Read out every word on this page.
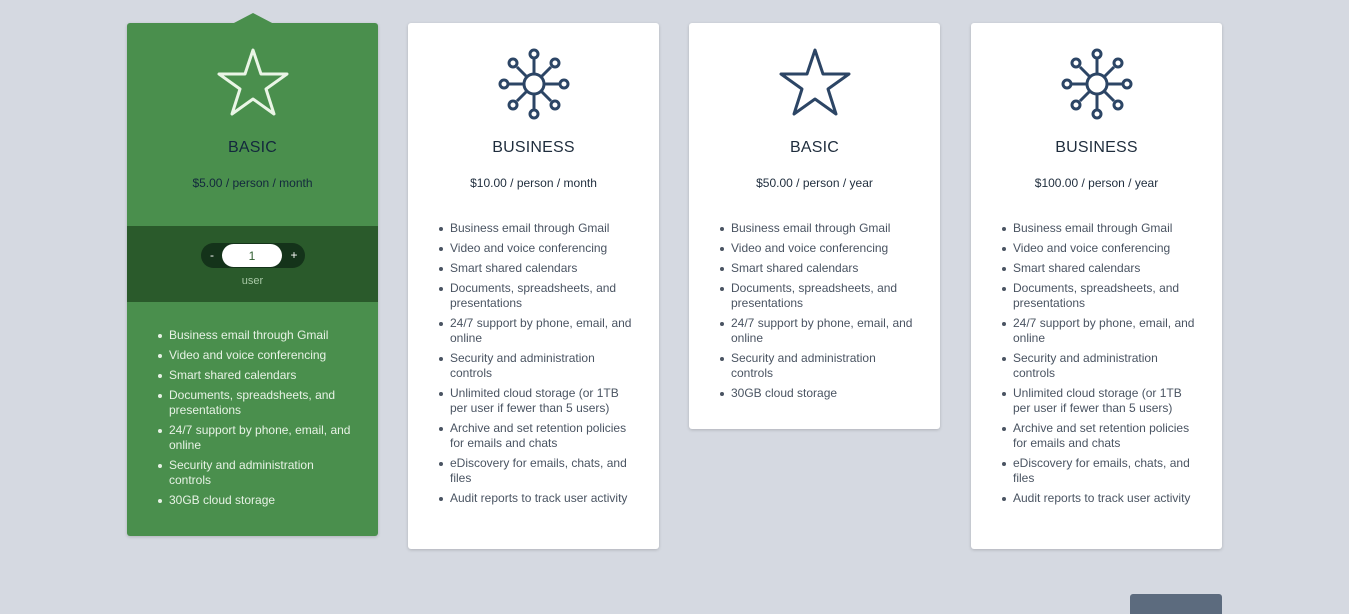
BASIC
$5.00 / person / month
-
1	+
user
Business email through Gmail
Video and voice conferencing
Smart shared calendars
Documents, spreadsheets, and presentations
24/7 support by phone, email, and online
Security and administration controls
30GB cloud storage
BUSINESS
$10.00 / person / month
Business email through Gmail
Video and voice conferencing
Smart shared calendars
Documents, spreadsheets, and presentations
24/7 support by phone, email, and online
Security and administration controls
Unlimited cloud storage (or 1TB per user if fewer than 5 users)
Archive and set retention policies for emails and chats
eDiscovery for emails, chats, and files
Audit reports to track user activity
BASIC
$50.00 / person / year
Business email through Gmail
Video and voice conferencing
Smart shared calendars
Documents, spreadsheets, and presentations
24/7 support by phone, email, and online
Security and administration controls
30GB cloud storage
BUSINESS
$100.00 / person / year
Business email through Gmail
Video and voice conferencing
Smart shared calendars
Documents, spreadsheets, and presentations
24/7 support by phone, email, and online
Security and administration controls
Unlimited cloud storage (or 1TB per user if fewer than 5 users)
Archive and set retention policies for emails and chats
eDiscovery for emails, chats, and files
Audit reports to track user activity
